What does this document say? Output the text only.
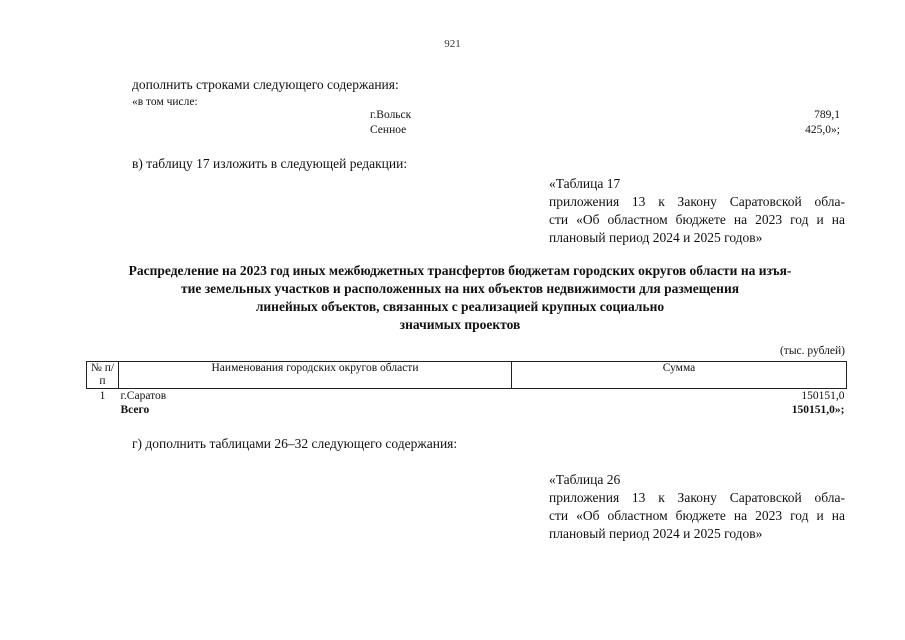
921
дополнить строками следующего содержания:
«в том числе:
г.Вольск	789,1
Сенное	425,0»;
в) таблицу 17 изложить в следующей редакции:
«Таблица 17
приложения 13 к Закону Саратовской обла-
сти «Об областном бюджете на 2023 год и на
плановый период 2024 и 2025 годов»
Распределение на 2023 год иных межбюджетных трансфертов бюджетам городских округов области на изъя-
тие земельных участков и расположенных на них объектов недвижимости для размещения
линейных объектов, связанных с реализацией крупных социально
значимых проектов
(тыс. рублей)
№ п/п	Наименования городских округов области	Сумма
1	г.Саратов	150151,0
	Всего	150151,0»;
г) дополнить таблицами 26–32 следующего содержания:
«Таблица 26
приложения 13 к Закону Саратовской обла-
сти «Об областном бюджете на 2023 год и на
плановый период 2024 и 2025 годов»
